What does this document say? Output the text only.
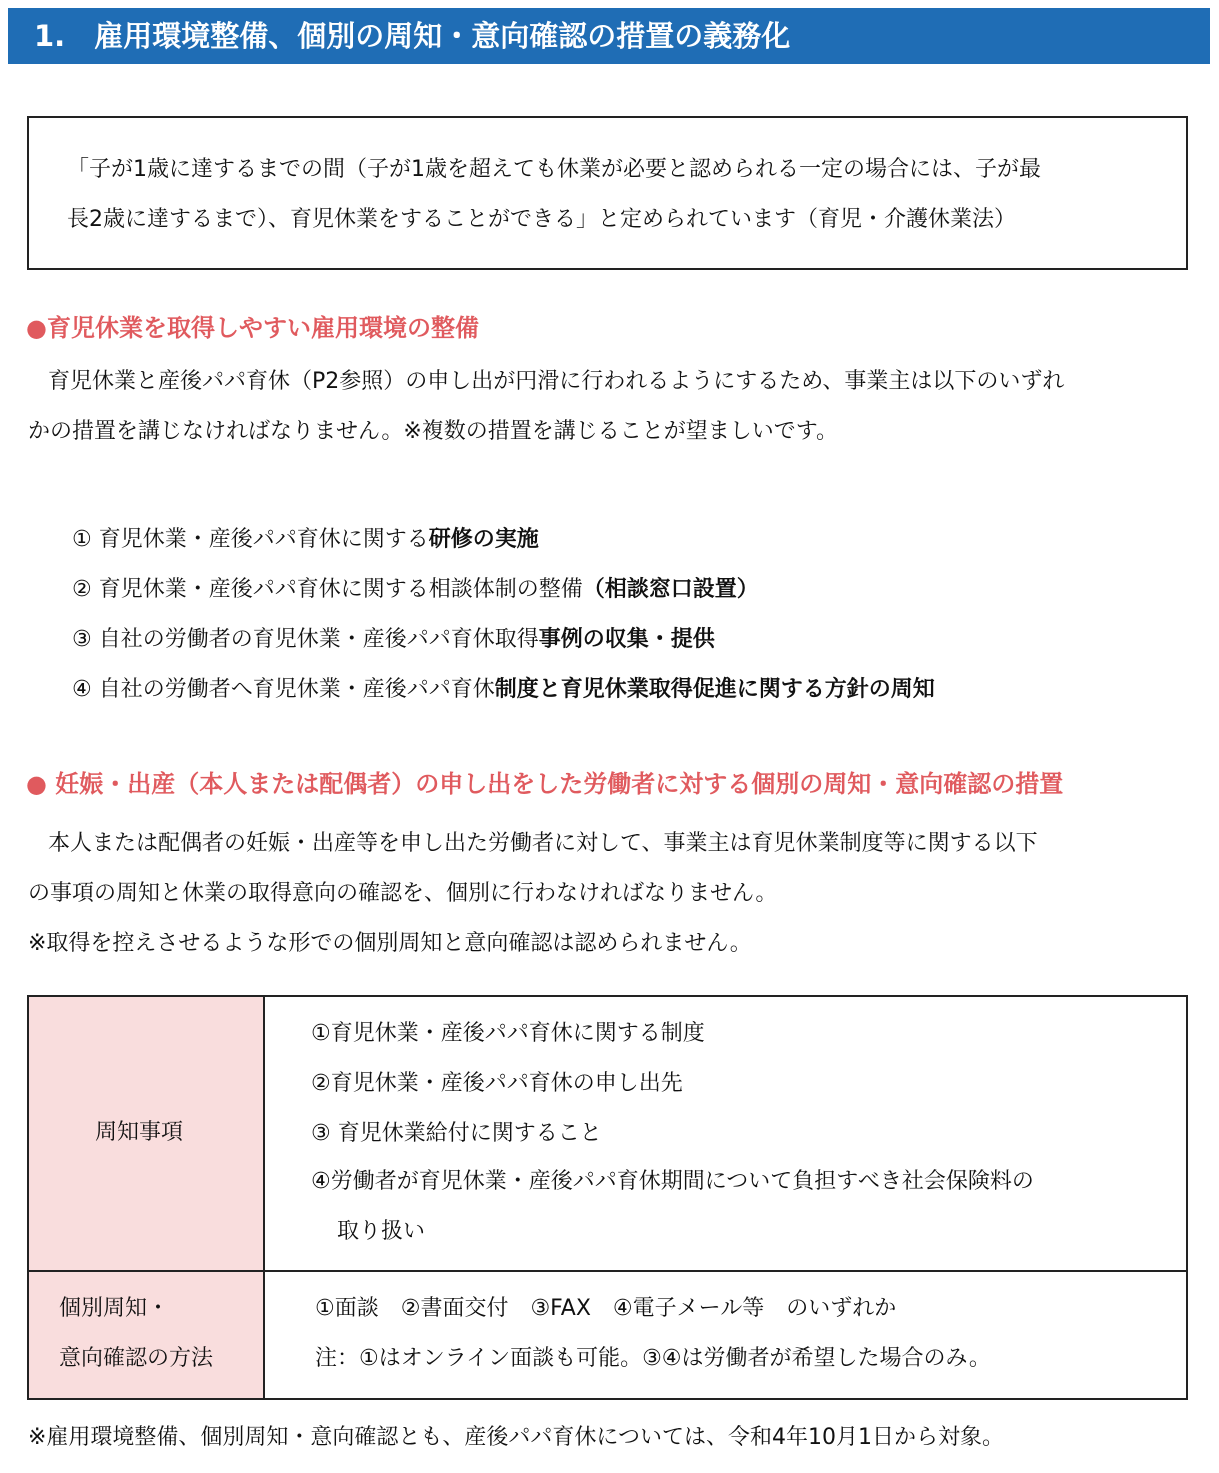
1.　雇用環境整備、個別の周知・意向確認の措置の義務化

「子が1歳に達するまでの間（子が1歳を超えても休業が必要と認められる一定の場合には、子が最

長2歳に達するまで）、育児休業をすることができる」と定められています（育児・介護休業法）

●育児休業を取得しやすい雇用環境の整備
育児休業と産後パパ育休（P2参照）の申し出が円滑に行われるようにするため、事業主は以下のいずれ
かの措置を講じなければなりません。※複数の措置を講じることが望ましいです。
① 育児休業・産後パパ育休に関する研修の実施
② 育児休業・産後パパ育休に関する相談体制の整備（相談窓口設置）
③ 自社の労働者の育児休業・産後パパ育休取得事例の収集・提供
④ 自社の労働者へ育児休業・産後パパ育休制度と育児休業取得促進に関する方針の周知
● 妊娠・出産（本人または配偶者）の申し出をした労働者に対する個別の周知・意向確認の措置
本人または配偶者の妊娠・出産等を申し出た労働者に対して、事業主は育児休業制度等に関する以下
の事項の周知と休業の取得意向の確認を、個別に行わなければなりません。
※取得を控えさせるような形での個別周知と意向確認は認められません。
周知事項
①育児休業・産後パパ育休に関する制度
②育児休業・産後パパ育休の申し出先
③ 育児休業給付に関すること
④労働者が育児休業・産後パパ育休期間について負担すべき社会保険料の
取り扱い
個別周知・
意向確認の方法
①面談　②書面交付　③FAX　④電子メール等　のいずれか
注：①はオンライン面談も可能。③④は労働者が希望した場合のみ。
※雇用環境整備、個別周知・意向確認とも、産後パパ育休については、令和4年10月1日から対象。
